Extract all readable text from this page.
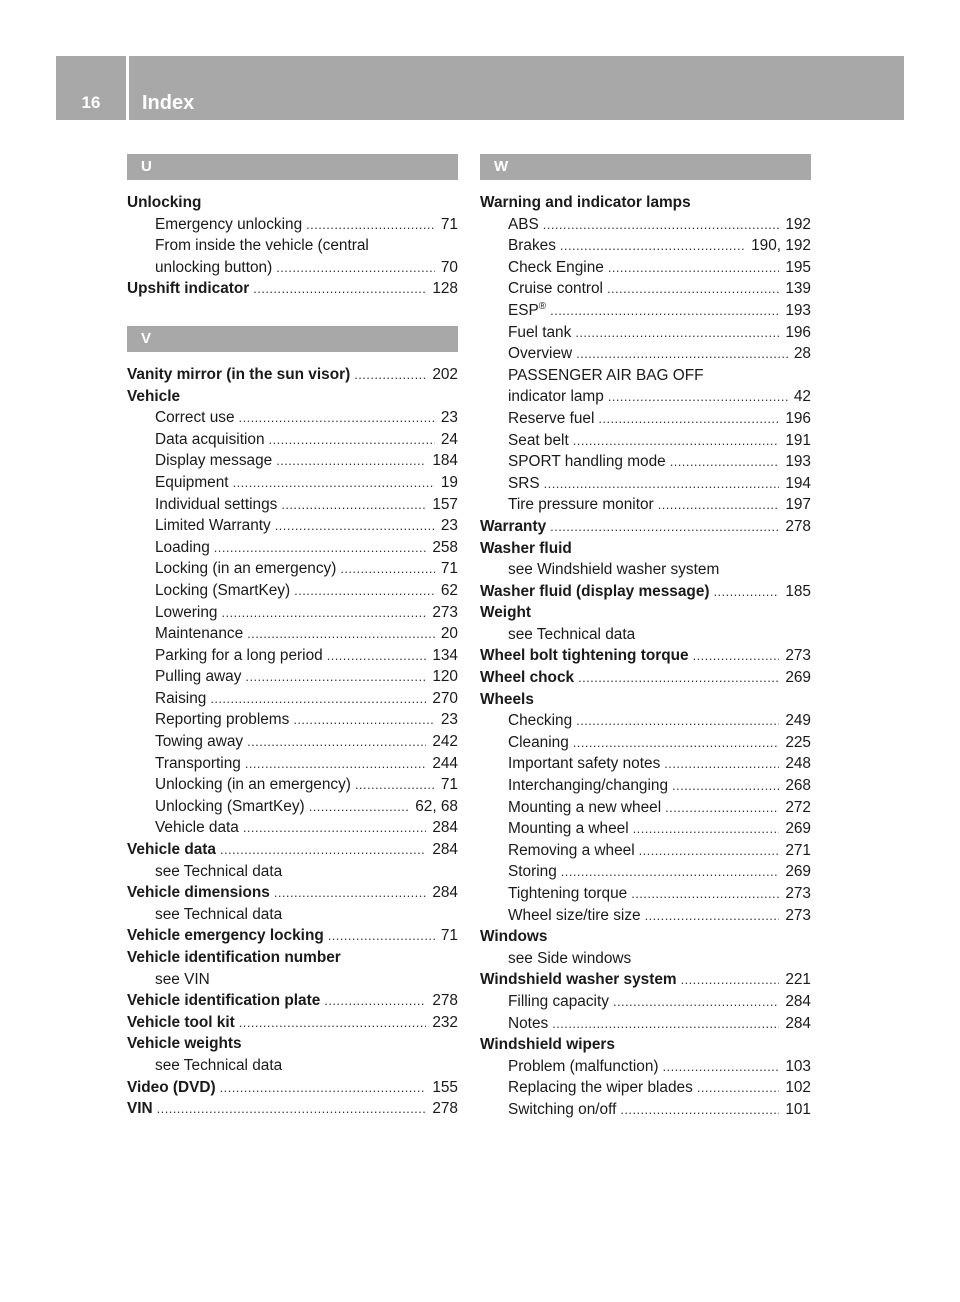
16	Index
U
Unlocking
Emergency unlocking . . .	71
From inside the vehicle (central
unlocking button) . . .	70
Upshift indicator . . .	128
V
Vanity mirror (in the sun visor) . . .	202
Vehicle
Correct use . . .	23
Data acquisition . . .	24
Display message . . .	184
Equipment . . .	19
Individual settings . . .	157
Limited Warranty . . .	23
Loading . . .	258
Locking (in an emergency) . . .	71
Locking (SmartKey) . . .	62
Lowering . . .	273
Maintenance . . .	20
Parking for a long period . . .	134
Pulling away . . .	120
Raising . . .	270
Reporting problems . . .	23
Towing away . . .	242
Transporting . . .	244
Unlocking (in an emergency) . . .	71
Unlocking (SmartKey) . . .	62, 68
Vehicle data . . .	284
Vehicle data . . .	284
see Technical data
Vehicle dimensions . . .	284
see Technical data
Vehicle emergency locking . . .	71
Vehicle identification number
see VIN
Vehicle identification plate . . .	278
Vehicle tool kit . . .	232
Vehicle weights
see Technical data
Video (DVD) . . .	155
VIN . . .	278
W
Warning and indicator lamps
ABS . . .	192
Brakes . . .	190, 192
Check Engine . . .	195
Cruise control . . .	139
ESP® . . .	193
Fuel tank . . .	196
Overview . . .	28
PASSENGER AIR BAG OFF
indicator lamp . . .	42
Reserve fuel . . .	196
Seat belt . . .	191
SPORT handling mode . . .	193
SRS . . .	194
Tire pressure monitor . . .	197
Warranty . . .	278
Washer fluid
see Windshield washer system
Washer fluid (display message) . . .	185
Weight
see Technical data
Wheel bolt tightening torque . . .	273
Wheel chock . . .	269
Wheels
Checking . . .	249
Cleaning . . .	225
Important safety notes . . .	248
Interchanging/changing . . .	268
Mounting a new wheel . . .	272
Mounting a wheel . . .	269
Removing a wheel . . .	271
Storing . . .	269
Tightening torque . . .	273
Wheel size/tire size . . .	273
Windows
see Side windows
Windshield washer system . . .	221
Filling capacity . . .	284
Notes . . .	284
Windshield wipers
Problem (malfunction) . . .	103
Replacing the wiper blades . . .	102
Switching on/off . . .	101
